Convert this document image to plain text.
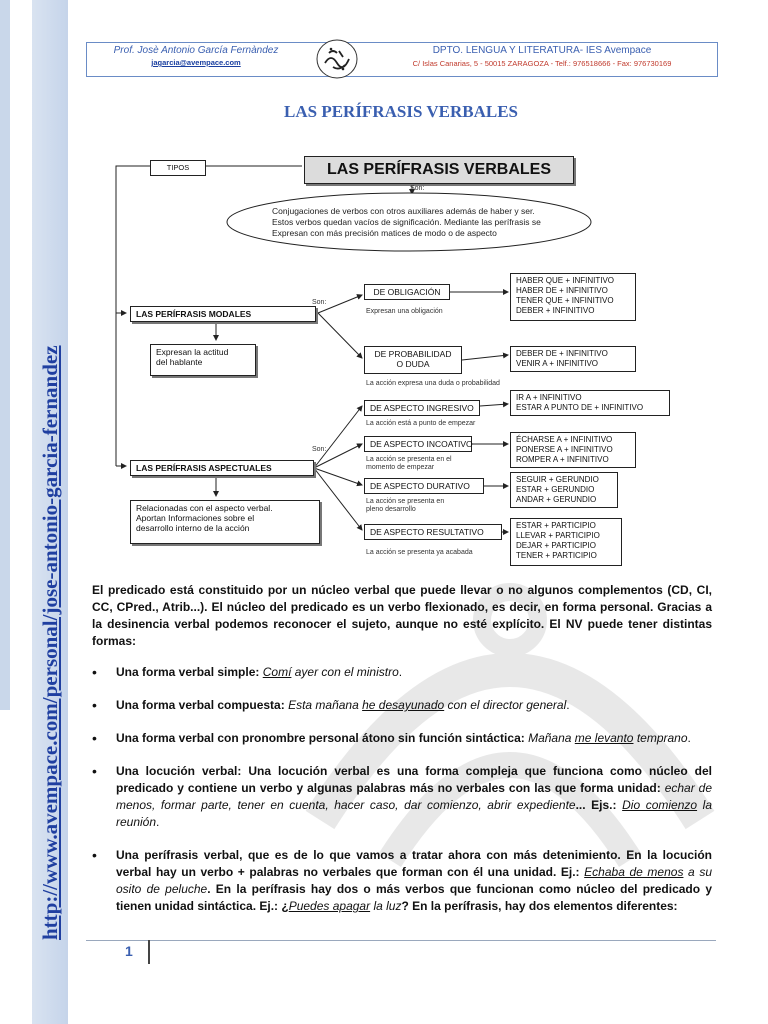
http://www.avempace.com/personal/jose-antonio-garcia-fernandez
Prof. Josè Antonio García Fernàndez
jagarcia@avempace.com
DPTO. LENGUA Y LITERATURA- IES Avempace
C/ Islas Canarias, 5 - 50015 ZARAGOZA - Telf.: 976518666 - Fax: 976730169
LAS PERÍFRASIS VERBALES
TIPOS	LAS PERÍFRASIS VERBALES
Son:
Conjugaciones de verbos con otros auxiliares además de haber y ser.
Estos verbos quedan vacíos de significación. Mediante las perífrasis se
Expresan con más precisión matices de modo o de aspecto
LAS PERÍFRASIS MODALES
Son:
Expresan la actitud
del hablante
DE OBLIGACIÓN
Expresan una obligación
HABER QUE + INFINITIVO
HABER DE + INFINITIVO
TENER QUE + INFINITIVO
DEBER + INFINITIVO
DE PROBABILIDAD
O DUDA
La acción expresa una duda o probabilidad
DEBER DE + INFINITIVO
VENIR A + INFINITIVO
LAS PERÍFRASIS ASPECTUALES
Son:
Relacionadas con el aspecto verbal.
Aportan Informaciones sobre el
desarrollo interno de la acción
DE ASPECTO INGRESIVO
La acción está a punto de empezar
IR A + INFINITIVO
ESTAR A PUNTO DE + INFINITIVO
DE ASPECTO INCOATIVO
La acción se presenta en el
momento de empezar
ÉCHARSE A + INFINITIVO
PONERSE A + INFINITIVO
ROMPER A + INFINITIVO
DE ASPECTO DURATIVO
La acción se presenta en
pleno desarrollo
SEGUIR + GERUNDIO
ESTAR + GERUNDIO
ANDAR + GERUNDIO
DE ASPECTO RESULTATIVO
La acción se presenta ya acabada
ESTAR + PARTICIPIO
LLEVAR + PARTICIPIO
DEJAR + PARTICIPIO
TENER + PARTICIPIO

El predicado está constituido por un núcleo verbal que puede llevar o no algunos complementos (CD, CI, CC, CPred., Atrib...). El núcleo del predicado es un verbo flexionado, es decir, en forma personal. Gracias a la desinencia verbal podemos reconocer el sujeto, aunque no esté explícito. El NV puede tener distintas formas:

• Una forma verbal simple: Comí ayer con el ministro.
• Una forma verbal compuesta: Esta mañana he desayunado con el director general.
• Una forma verbal con pronombre personal átono sin función sintáctica: Mañana me levanto temprano.
• Una locución verbal: Una locución verbal es una forma compleja que funciona como núcleo del predicado y contiene un verbo y algunas palabras más no verbales con las que forma unidad: echar de menos, formar parte, tener en cuenta, hacer caso, dar comienzo, abrir expediente... Ejs.: Dio comienzo la reunión.
• Una perífrasis verbal, que es de lo que vamos a tratar ahora con más detenimiento. En la locución verbal hay un verbo + palabras no verbales que forman con él una unidad. Ej.: Echaba de menos a su osito de peluche. En la perífrasis hay dos o más verbos que funcionan como núcleo del predicado y tienen unidad sintáctica. Ej.: ¿Puedes apagar la luz? En la perífrasis, hay dos elementos diferentes:
1
